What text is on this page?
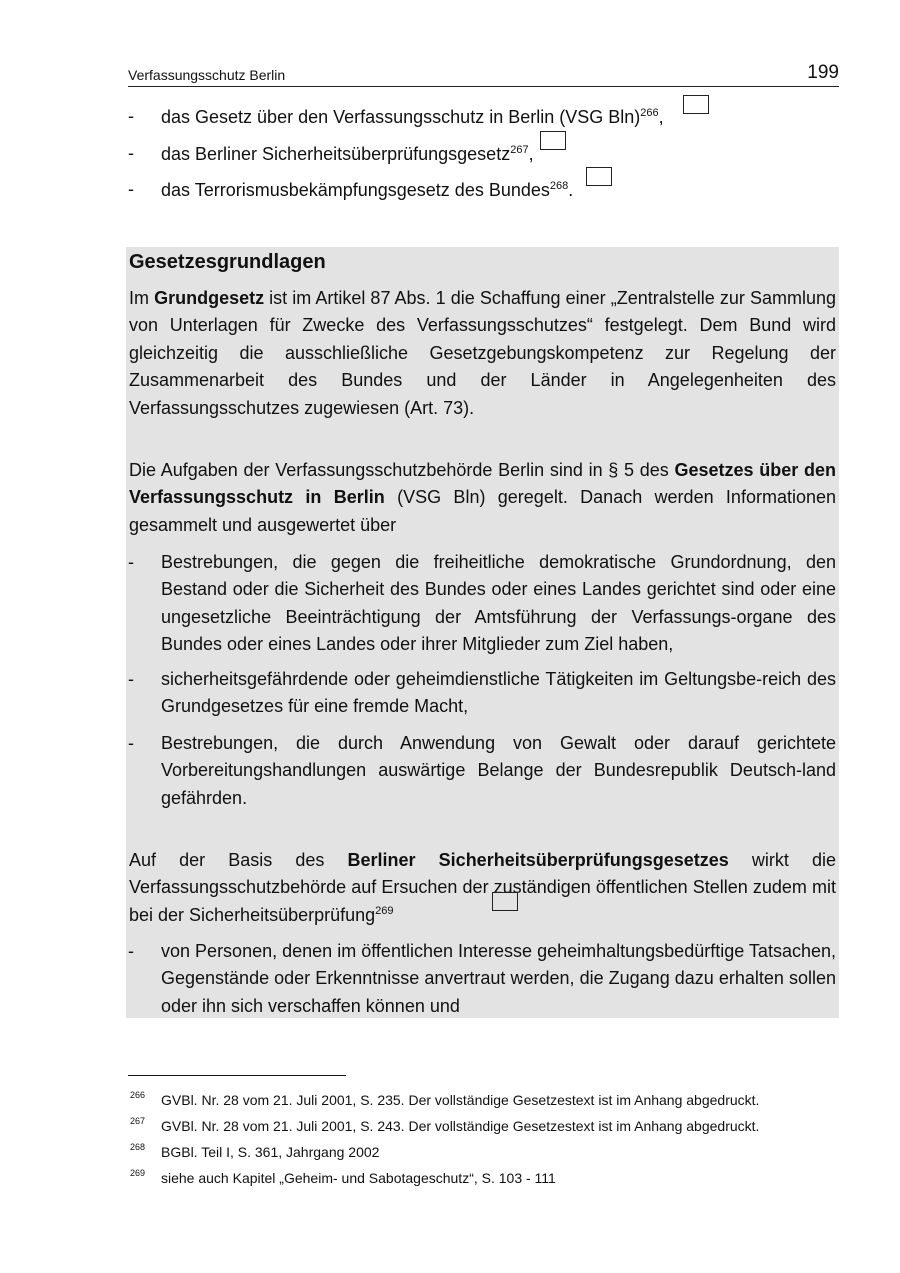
Verfassungsschutz Berlin	199
- das Gesetz über den Verfassungsschutz in Berlin (VSG Bln)$^{266}$,
- das Berliner Sicherheitsüberprüfungsgesetz$^{267}$,
- das Terrorismusbekämpfungsgesetz des Bundes$^{268}$.
Gesetzesgrundlagen
Im Grundgesetz ist im Artikel 87 Abs. 1 die Schaffung einer „Zentralstelle zur Sammlung von Unterlagen für Zwecke des Verfassungsschutzes“ festgelegt. Dem Bund wird gleichzeitig die ausschließliche Gesetzgebungskompetenz zur Regelung der Zusammenarbeit des Bundes und der Länder in Angelegenheiten des Verfassungsschutzes zugewiesen (Art. 73).
Die Aufgaben der Verfassungsschutzbehörde Berlin sind in § 5 des Gesetzes über den Verfassungsschutz in Berlin (VSG Bln) geregelt. Danach werden Informationen gesammelt und ausgewertet über
- Bestrebungen, die gegen die freiheitliche demokratische Grundordnung, den Bestand oder die Sicherheit des Bundes oder eines Landes gerichtet sind oder eine ungesetzliche Beeinträchtigung der Amtsführung der Verfassungs-organe des Bundes oder eines Landes oder ihrer Mitglieder zum Ziel haben,
- sicherheitsgefährdende oder geheimdienstliche Tätigkeiten im Geltungsbe-reich des Grundgesetzes für eine fremde Macht,
- Bestrebungen, die durch Anwendung von Gewalt oder darauf gerichtete Vorbereitungshandlungen auswärtige Belange der Bundesrepublik Deutsch-land gefährden.
Auf der Basis des Berliner Sicherheitsüberprüfungsgesetzes wirkt die Verfassungsschutzbehörde auf Ersuchen der zuständigen öffentlichen Stellen zudem mit bei der Sicherheitsüberprüfung$^{269}$
- von Personen, denen im öffentlichen Interesse geheimhaltungsbedürftige Tatsachen, Gegenstände oder Erkenntnisse anvertraut werden, die Zugang dazu erhalten sollen oder ihn sich verschaffen können und
266 GVBl. Nr. 28 vom 21. Juli 2001, S. 235. Der vollständige Gesetzestext ist im Anhang abgedruckt.
267 GVBl. Nr. 28 vom 21. Juli 2001, S. 243. Der vollständige Gesetzestext ist im Anhang abgedruckt.
268 BGBl. Teil I, S. 361, Jahrgang 2002
269 siehe auch Kapitel „Geheim- und Sabotageschutz“, S. 103 - 111
